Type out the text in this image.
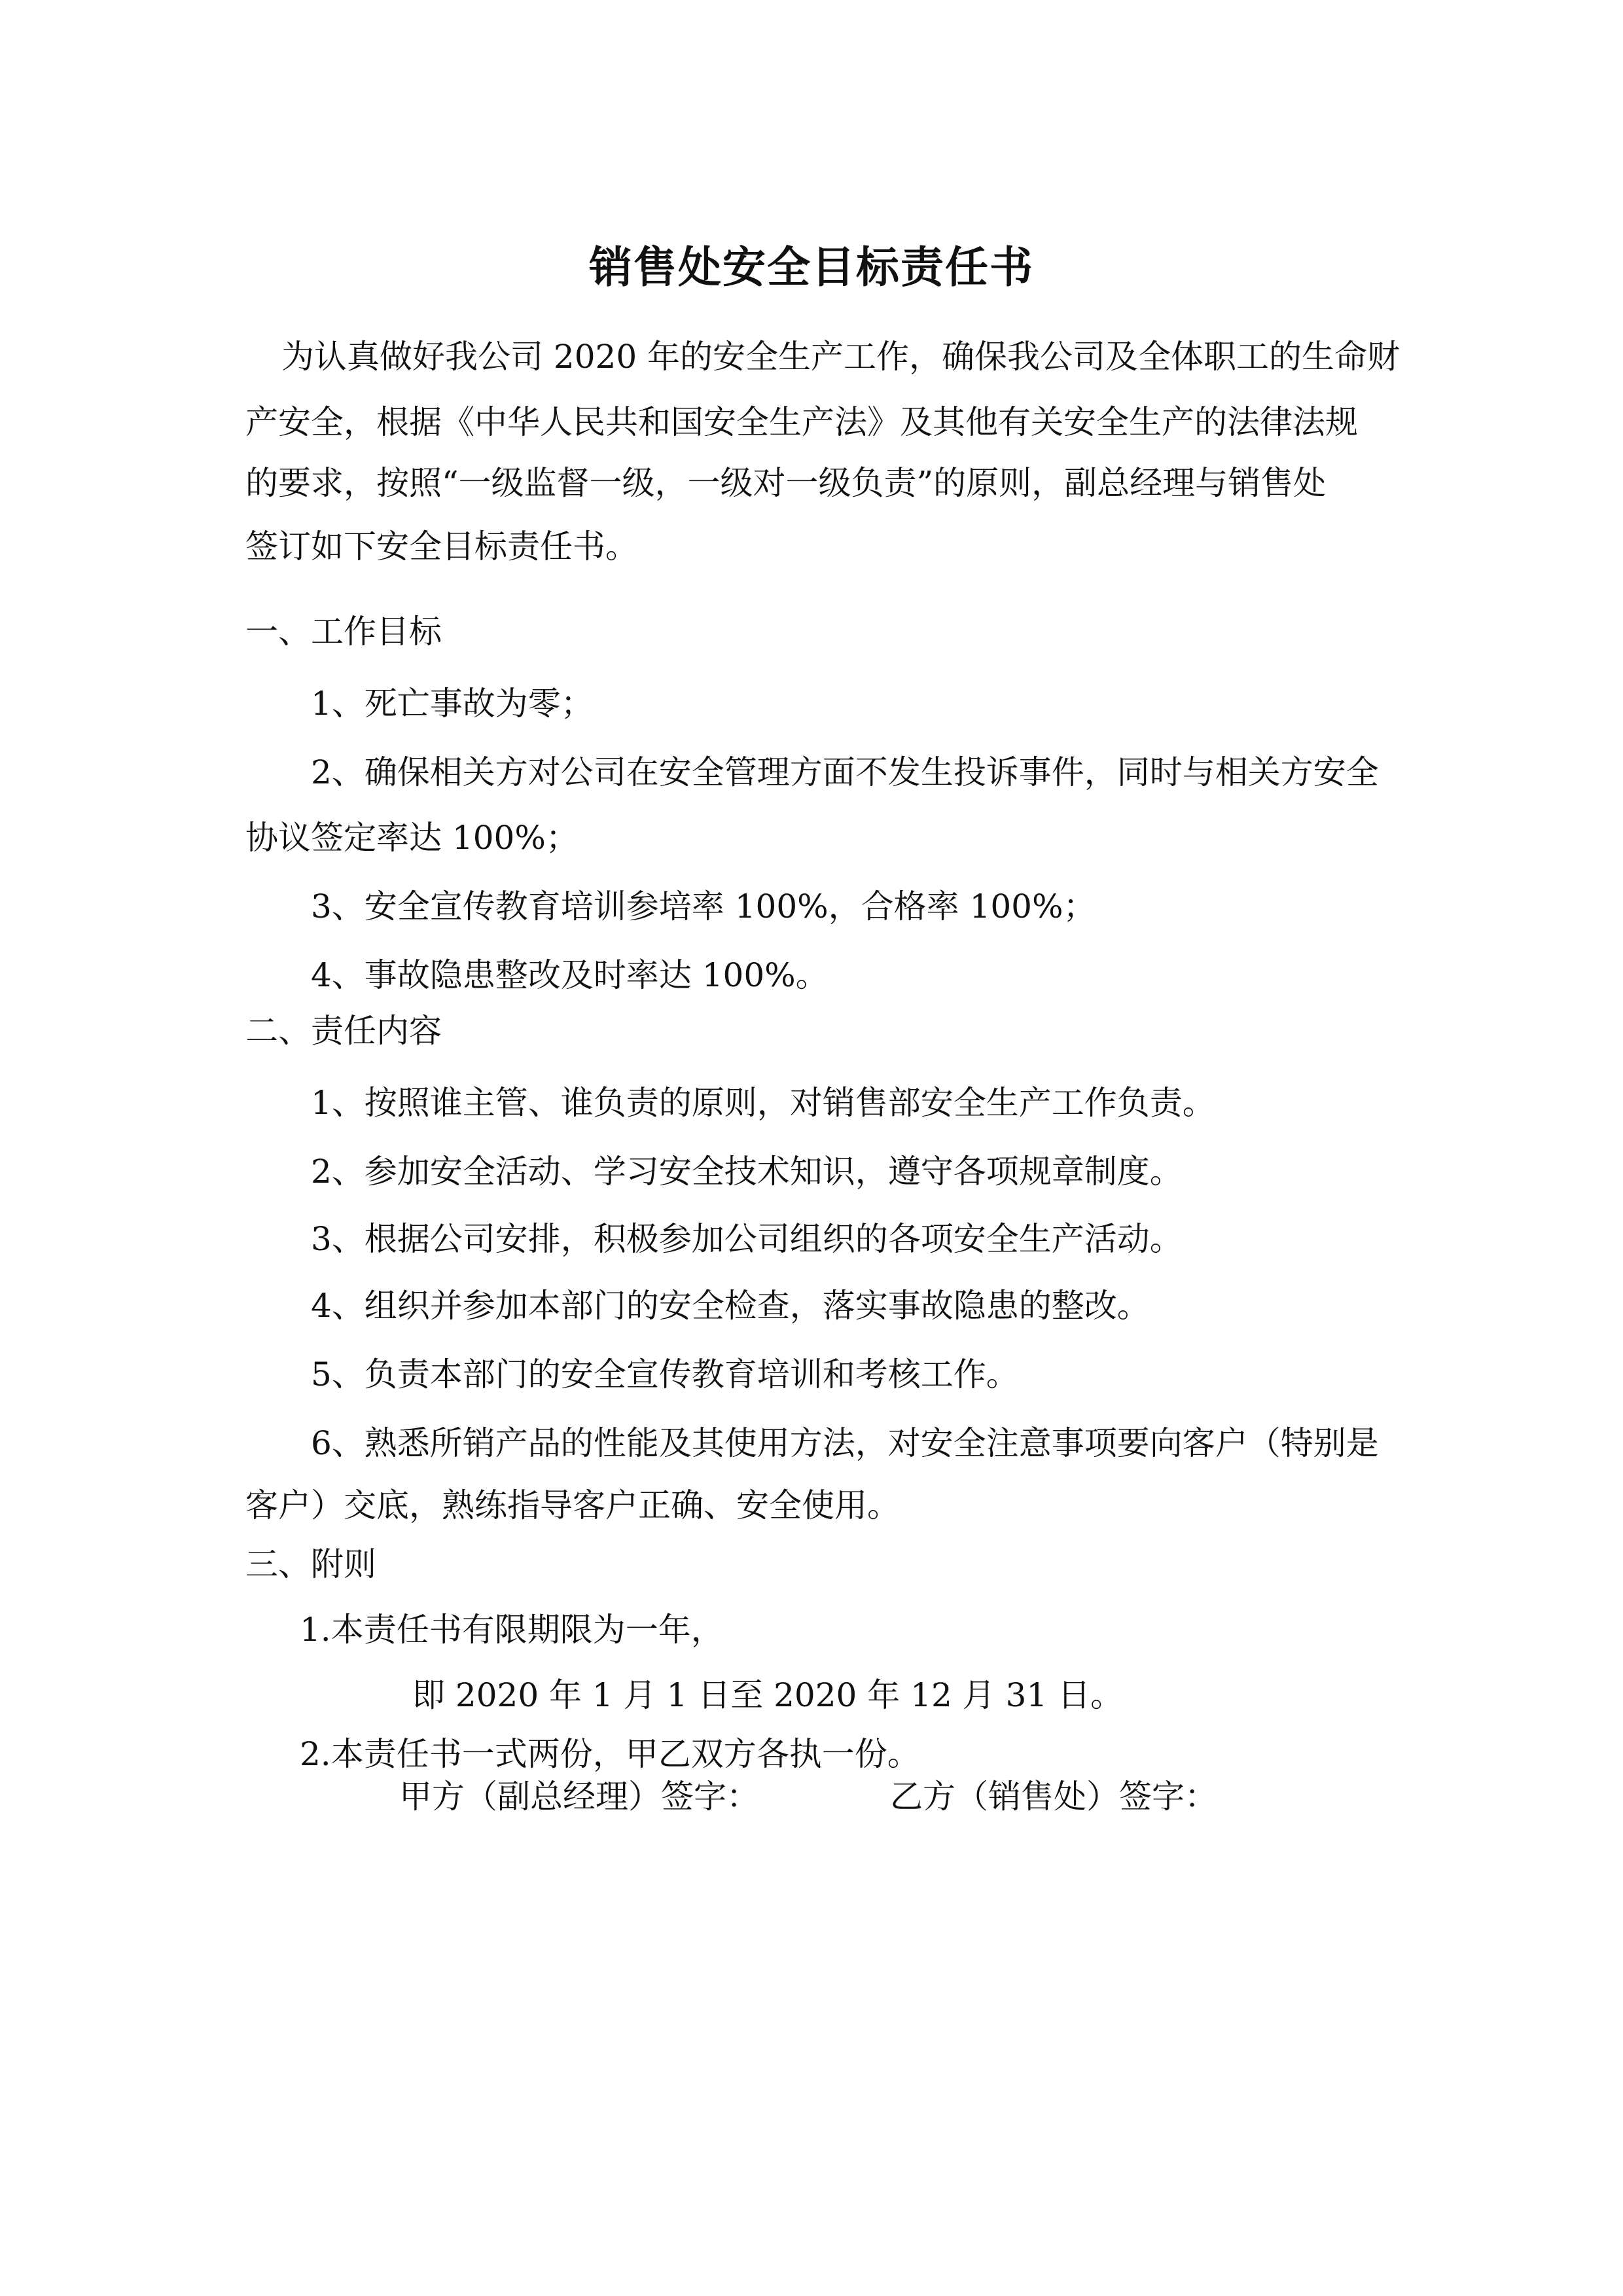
销售处安全目标责任书

为认真做好我公司 2020 年的安全生产工作，确保我公司及全体职工的生命财

产安全，根据《中华人民共和国安全生产法》及其他有关安全生产的法律法规

的要求，按照“一级监督一级，一级对一级负责”的原则，副总经理与销售处

签订如下安全目标责任书。

一、工作目标

1、死亡事故为零；

2、确保相关方对公司在安全管理方面不发生投诉事件，同时与相关方安全

协议签定率达 100%；

3、安全宣传教育培训参培率 100%，合格率 100%；

4、事故隐患整改及时率达 100%。

二、责任内容

1、按照谁主管、谁负责的原则，对销售部安全生产工作负责。

2、参加安全活动、学习安全技术知识，遵守各项规章制度。

3、根据公司安排，积极参加公司组织的各项安全生产活动。

4、组织并参加本部门的安全检查，落实事故隐患的整改。

5、负责本部门的安全宣传教育培训和考核工作。

6、熟悉所销产品的性能及其使用方法，对安全注意事项要向客户（特别是

客户）交底，熟练指导客户正确、安全使用。

三、附则

1.本责任书有限期限为一年，

即 2020 年 1 月 1 日至 2020 年 12 月 31 日。

2.本责任书一式两份，甲乙双方各执一份。

甲方（副总经理）签字：	乙方（销售处）签字：
